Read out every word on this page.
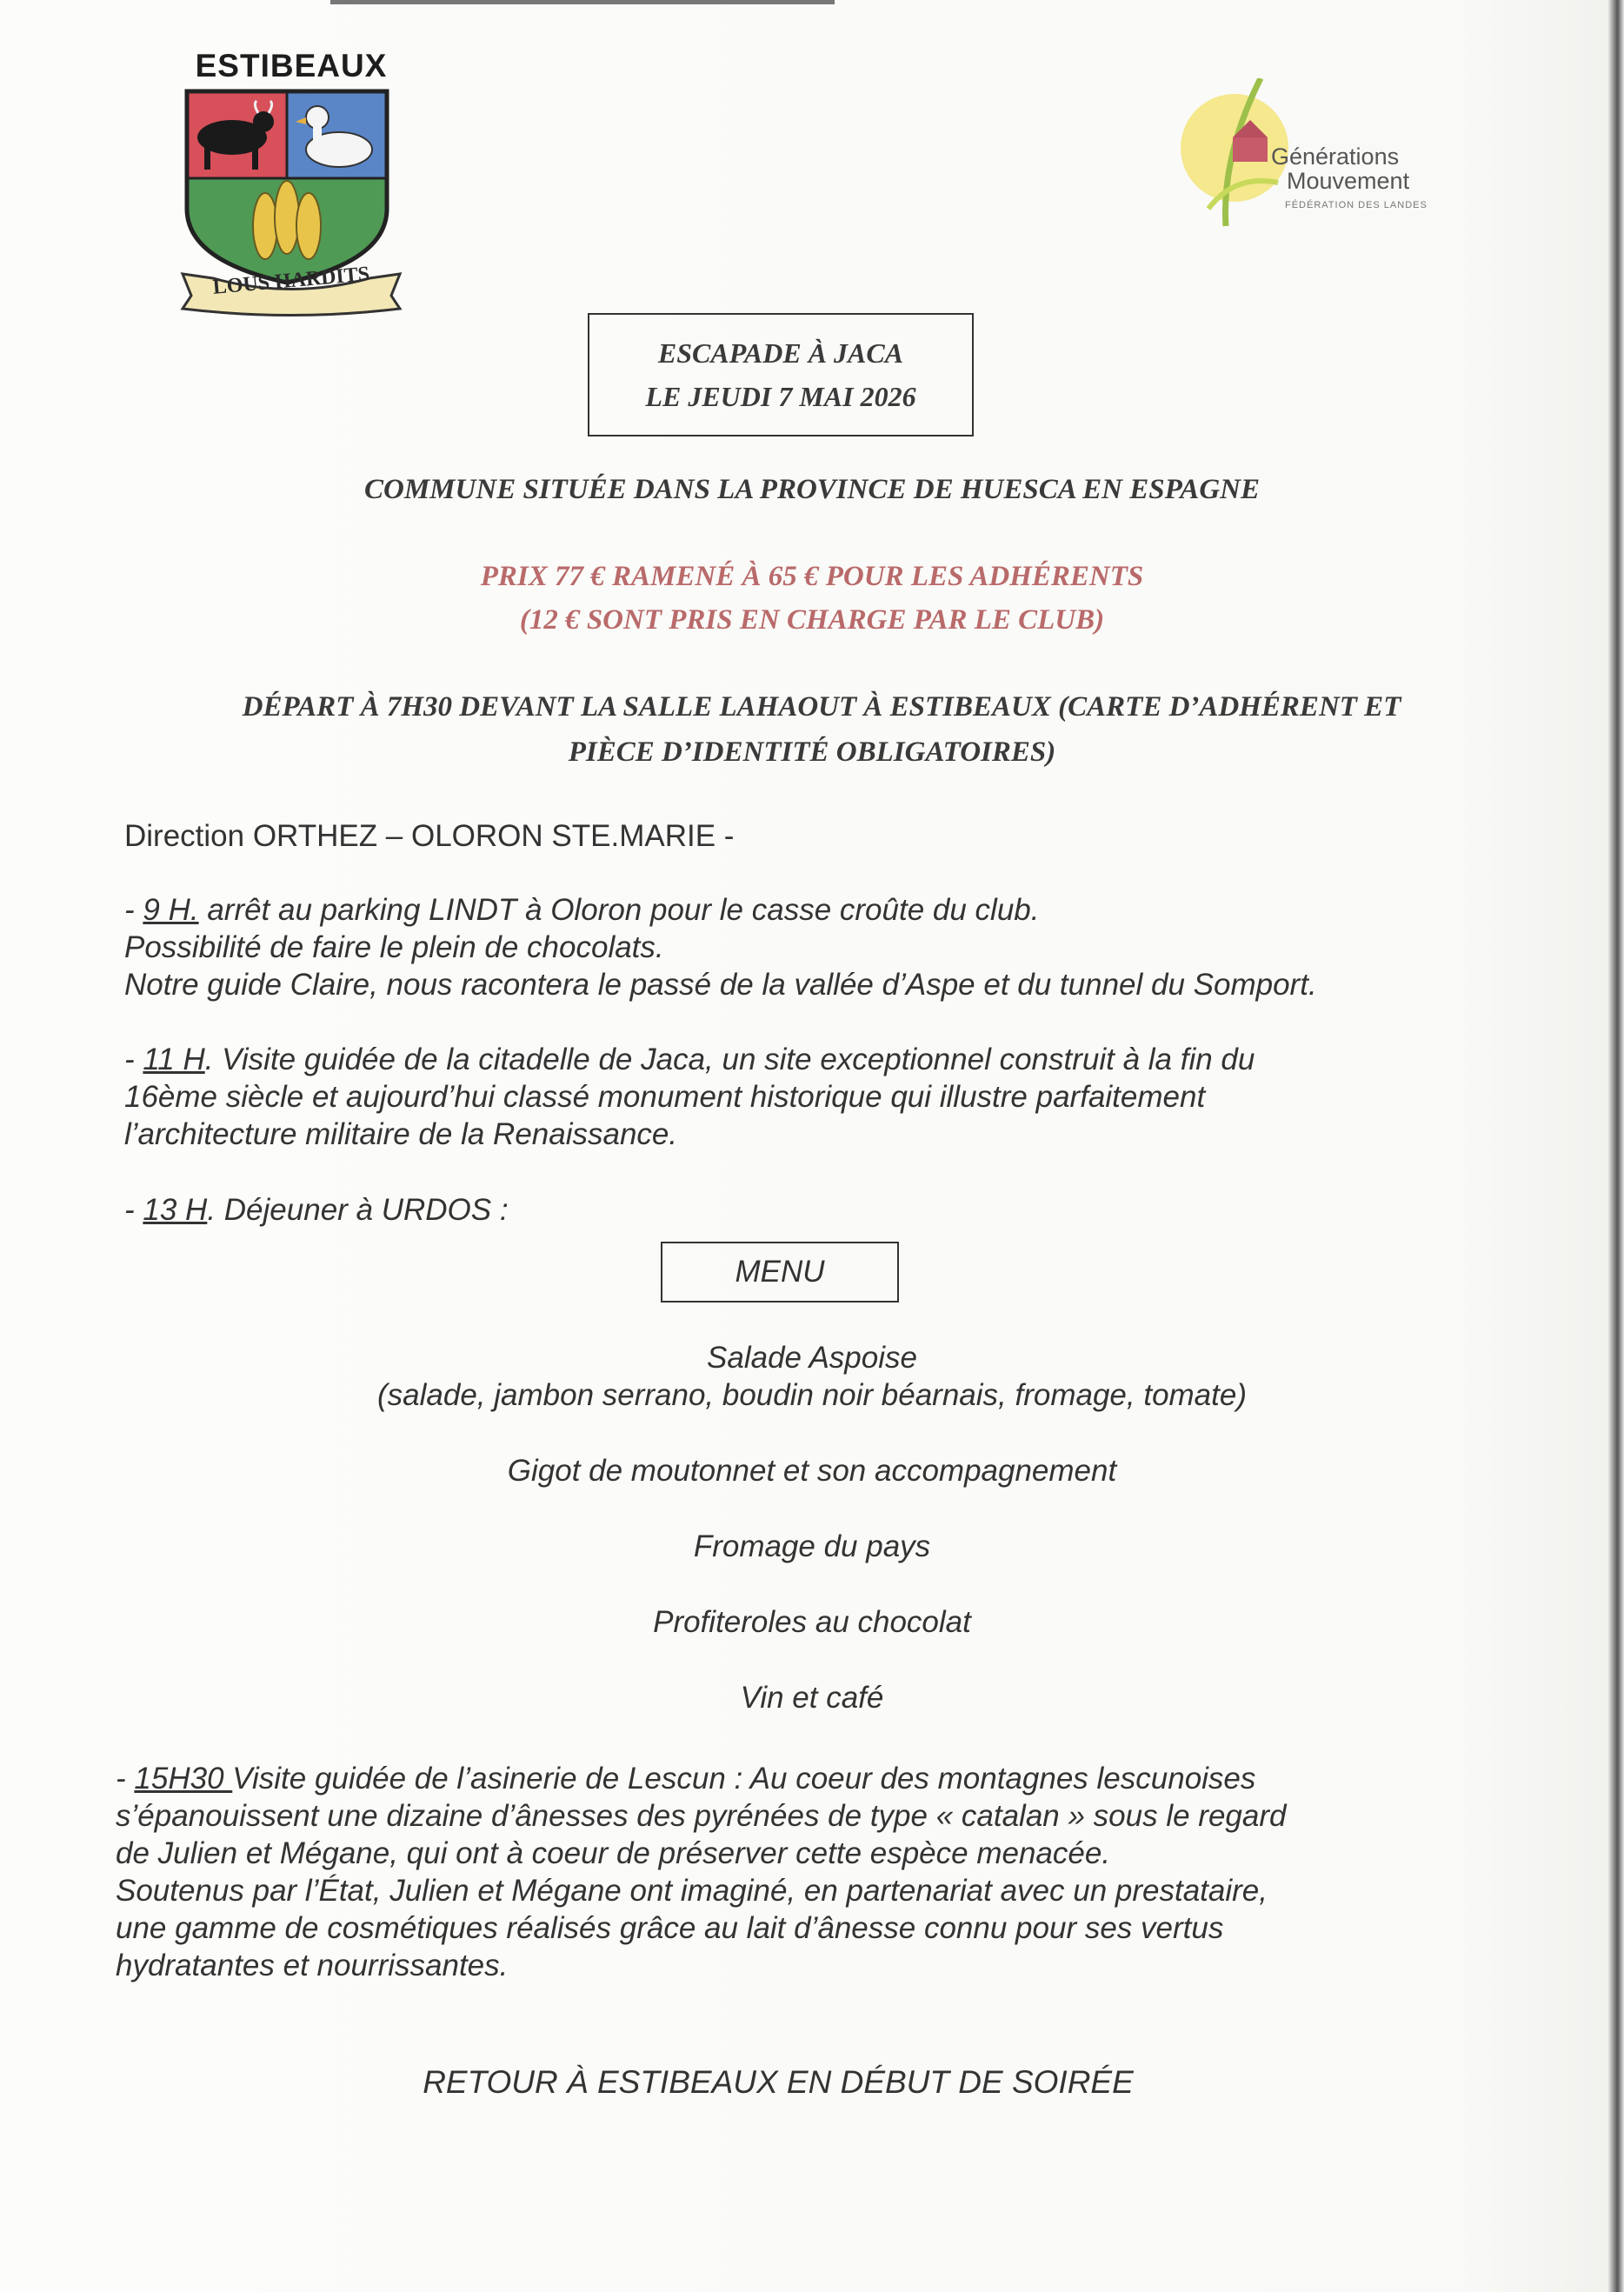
ESTIBEAUX
LOUS HARDITS
Générations
Mouvement
FÉDÉRATION DES LANDES
ESCAPADE À JACA
LE JEUDI 7 MAI 2026
COMMUNE SITUÉE DANS LA PROVINCE DE HUESCA EN ESPAGNE
PRIX 77 € RAMENÉ À 65 € POUR LES ADHÉRENTS
(12 € SONT PRIS EN CHARGE PAR LE CLUB)
DÉPART À 7H30 DEVANT LA SALLE LAHAOUT À ESTIBEAUX (CARTE D’ADHÉRENT ET
PIÈCE D’IDENTITÉ OBLIGATOIRES)
Direction ORTHEZ – OLORON STE.MARIE -
- 9 H. arrêt au parking LINDT à Oloron pour le casse croûte du club.
Possibilité de faire le plein de chocolats.
Notre guide Claire, nous racontera le passé de la vallée d’Aspe et du tunnel du Somport.
- 11 H. Visite guidée de la citadelle de Jaca, un site exceptionnel construit à la fin du
16ème siècle et aujourd’hui classé monument historique qui illustre parfaitement
l’architecture militaire de la Renaissance.
- 13 H. Déjeuner à URDOS :
MENU
Salade Aspoise
(salade, jambon serrano, boudin noir béarnais, fromage, tomate)
Gigot de moutonnet et son accompagnement
Fromage du pays
Profiteroles au chocolat
Vin et café
- 15H30 Visite guidée de l’asinerie de Lescun : Au coeur des montagnes lescunoises
s’épanouissent une dizaine d’ânesses des pyrénées de type « catalan » sous le regard
de Julien et Mégane, qui ont à coeur de préserver cette espèce menacée.
Soutenus par l’État, Julien et Mégane ont imaginé, en partenariat avec un prestataire,
une gamme de cosmétiques réalisés grâce au lait d’ânesse connu pour ses vertus
hydratantes et nourrissantes.
RETOUR À ESTIBEAUX EN DÉBUT DE SOIRÉE
